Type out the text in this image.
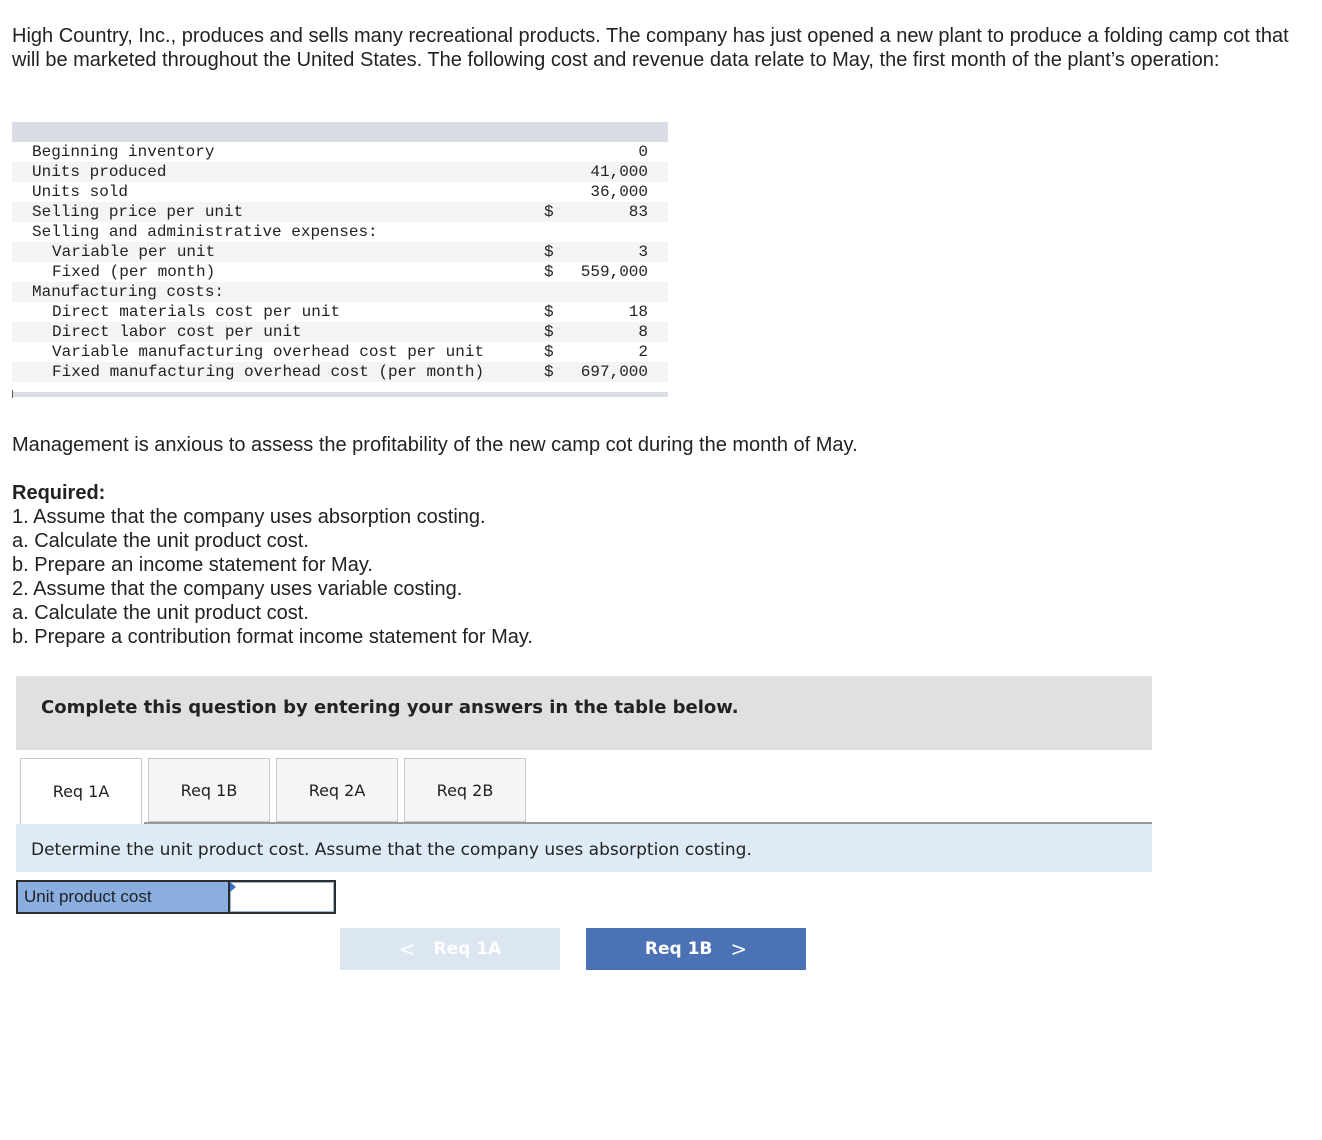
High Country, Inc., produces and sells many recreational products. The company has just opened a new plant to produce a folding camp cot that will be marketed throughout the United States. The following cost and revenue data relate to May, the first month of the plant’s operation:

Beginning inventory	0
Units produced	41,000
Units sold	36,000
Selling price per unit	$	83
Selling and administrative expenses:
Variable per unit	$	3
Fixed (per month)	$	559,000
Manufacturing costs:
Direct materials cost per unit	$	18
Direct labor cost per unit	$	8
Variable manufacturing overhead cost per unit	$	2
Fixed manufacturing overhead cost (per month)	$	697,000

Management is anxious to assess the profitability of the new camp cot during the month of May.

Required:

1. Assume that the company uses absorption costing.
a. Calculate the unit product cost.
b. Prepare an income statement for May.
2. Assume that the company uses variable costing.
a. Calculate the unit product cost.
b. Prepare a contribution format income statement for May.
Complete this question by entering your answers in the table below.
Req 1A	Req 1B	Req 2A	Req 2B
Determine the unit product cost. Assume that the company uses absorption costing.
Unit product cost
< Req 1A	Req 1B >
